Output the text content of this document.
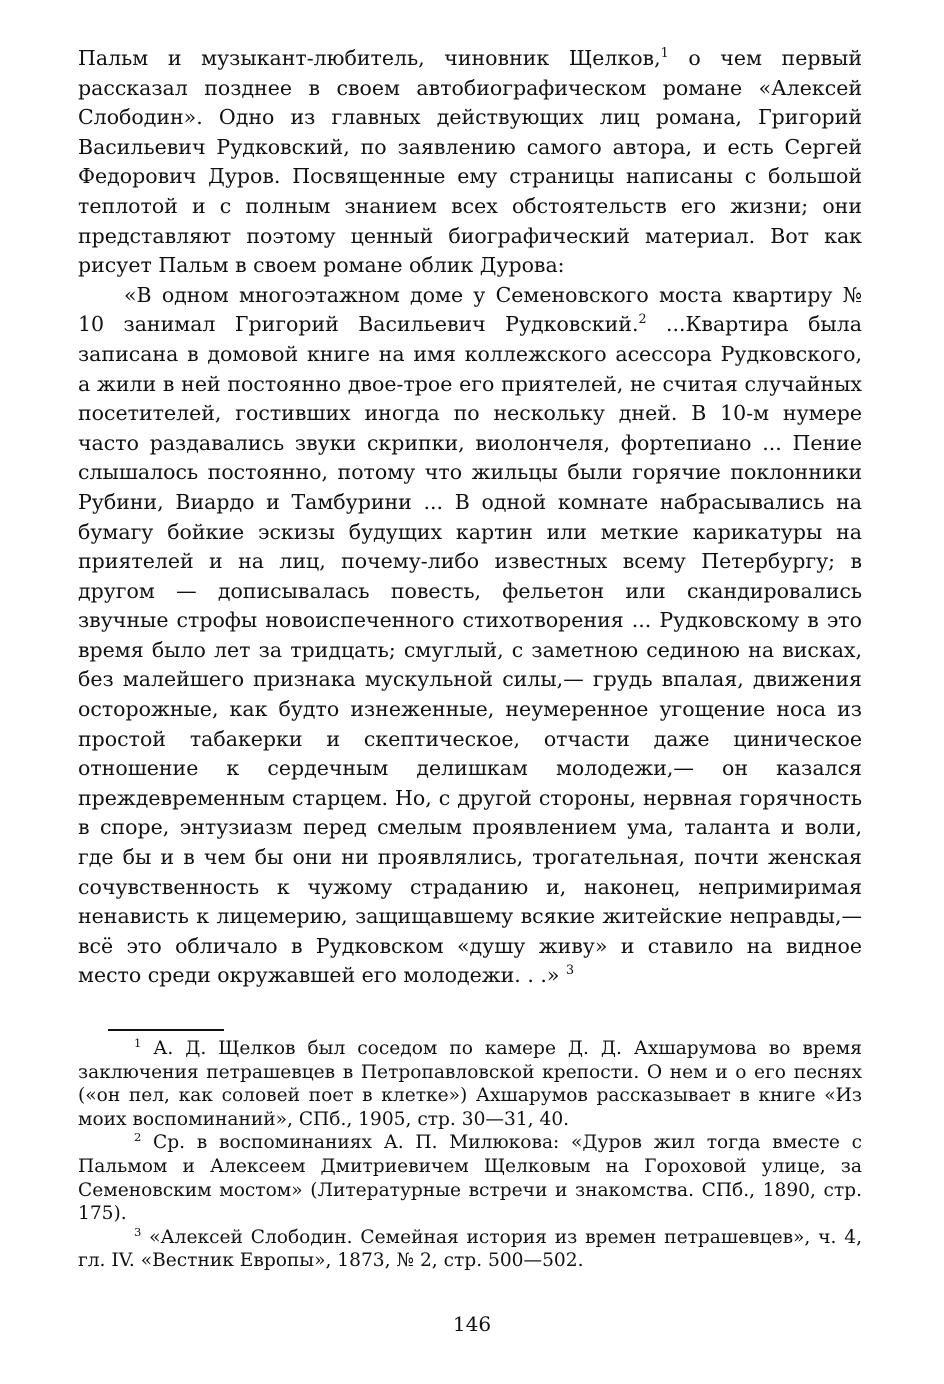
Пальм и музыкант-любитель, чиновник Щелков,$^1$ о чем первый рассказал позднее в своем автобиографическом романе «Алексей Слободин». Одно из главных действующих лиц романа, Григорий Васильевич Рудковский, по заявлению самого автора, и есть Сергей Федорович Дуров. Посвященные ему страницы написаны с большой теплотой и с полным знанием всех обстоятельств его жизни; они представляют поэтому ценный биографический материал. Вот как рисует Пальм в своем романе облик Дурова:

«В одном многоэтажном доме у Семеновского моста квартиру № 10 занимал Григорий Васильевич Рудковский.$^2$ ...Квартира была записана в домовой книге на имя коллежского асессора Рудковского, а жили в ней постоянно двое-трое его приятелей, не считая случайных посетителей, гостивших иногда по нескольку дней. В 10-м нумере часто раздавались звуки скрипки, виолончеля, фортепиано ... Пение слышалось постоянно, потому что жильцы были горячие поклонники Рубини, Виардо и Тамбурини ... В одной комнате набрасывались на бумагу бойкие эскизы будущих картин или меткие карикатуры на приятелей и на лиц, почему-либо известных всему Петербургу; в другом — дописывалась повесть, фельетон или скандировались звучные строфы новоиспеченного стихотворения ... Рудковскому в это время было лет за тридцать; смуглый, с заметною сединою на висках, без малейшего признака мускульной силы,— грудь впалая, движения осторожные, как будто изнеженные, неумеренное угощение носа из простой табакерки и скептическое, отчасти даже циническое отношение к сердечным делишкам молодежи,— он казался преждевременным старцем. Но, с другой стороны, нервная горячность в споре, энтузиазм перед смелым проявлением ума, таланта и воли, где бы и в чем бы они ни проявлялись, трогательная, почти женская сочувственность к чужому страданию и, наконец, непримиримая ненависть к лицемерию, защищавшему всякие житейские неправды,— всё это обличало в Рудковском «душу живу» и ставило на видное место среди окружавшей его молодежи. . .» $^3$

$^1$ А. Д. Щелков был соседом по камере Д. Д. Ахшарумова во время заключения петрашевцев в Петропавловской крепости. О нем и о его песнях («он пел, как соловей поет в клетке») Ахшарумов рассказывает в книге «Из моих воспоминаний», СПб., 1905, стр. 30—31, 40.

$^2$ Ср. в воспоминаниях А. П. Милюкова: «Дуров жил тогда вместе с Пальмом и Алексеем Дмитриевичем Щелковым на Гороховой улице, за Семеновским мостом» (Литературные встречи и знакомства. СПб., 1890, стр. 175).

$^3$ «Алексей Слободин. Семейная история из времен петрашевцев», ч. 4, гл. IV. «Вестник Европы», 1873, № 2, стр. 500—502.

146
